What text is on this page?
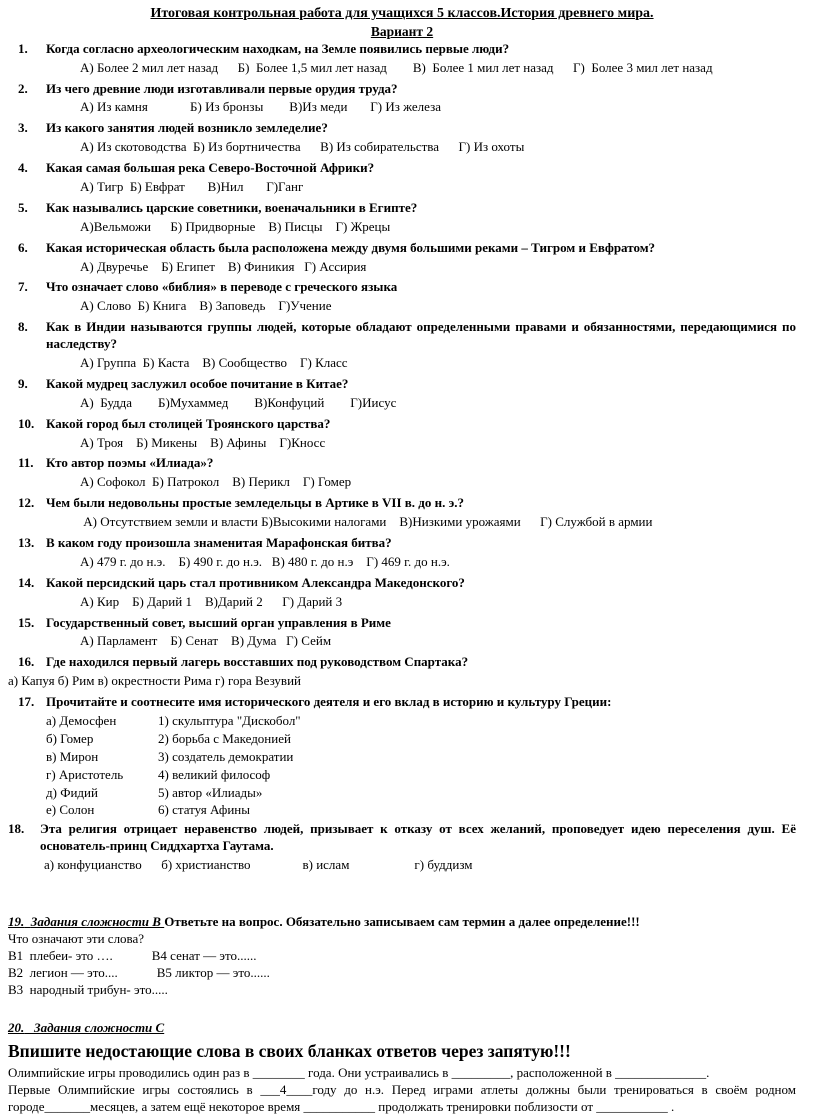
Итоговая контрольная работа для учащихся 5 классов.История древнего мира.
Вариант 2
1.	Когда согласно археологическим находкам, на Земле появились первые люди?
А) Более 2 мил лет назад      Б)  Более 1,5 мил лет назад        В)  Более 1 мил лет назад      Г)  Более 3 мил лет назад
2.	Из чего древние люди изготавливали первые орудия труда?
А) Из камня             Б) Из бронзы        В)Из меди       Г) Из железа
3.	Из какого занятия людей возникло земледелие?
А) Из скотоводства  Б) Из бортничества      В) Из собирательства      Г) Из охоты
4.	Какая самая большая река Северо-Восточной Африки?
А) Тигр  Б) Евфрат       В)Нил       Г)Ганг
5.	Как назывались царские советники, военачальники в Египте?
А)Вельможи      Б) Придворные    В) Писцы    Г) Жрецы
6.	Какая историческая область была расположена между двумя большими реками – Тигром и Евфратом?
А) Двуречье    Б) Египет    В) Финикия   Г) Ассирия
7.	Что означает слово «библия» в переводе с греческого языка
А) Слово  Б) Книга    В) Заповедь    Г)Учение
8.	Как в Индии называются группы людей, которые обладают определенными правами и обязанностями, передающимися по наследству?
А) Группа  Б) Каста    В) Сообщество    Г) Класс
9.	Какой мудрец заслужил особое почитание в Китае?
А)  Будда        Б)Мухаммед        В)Конфуций        Г)Иисус
10. Какой город был столицей Троянского царства?
А) Троя    Б) Микены    В) Афины    Г)Кносс
11. Кто автор поэмы «Илиада»?
А) Софокол  Б) Патрокол    В) Перикл    Г) Гомер
12. Чем были недовольны простые земледельцы в Артике в VII в. до н. э.?
А) Отсутствием земли и власти Б)Высокими налогами    В)Низкими урожаями      Г) Службой в армии
13. В каком году произошла знаменитая Марафонская битва?
А) 479 г. до н.э.    Б) 490 г. до н.э.   В) 480 г. до н.э    Г) 469 г. до н.э.
14. Какой персидский царь стал противником Александра Македонского?
А) Кир    Б) Дарий 1    В)Дарий 2      Г) Дарий 3
15. Государственный совет, высший орган управления в Риме
А) Парламент    Б) Сенат    В) Дума   Г) Сейм
16. Где находился первый лагерь восставших под руководством Спартака?
а) Капуя б) Рим в) окрестности Рима г) гора Везувий
17. Прочитайте и соотнесите имя исторического деятеля и его вклад в историю и культуру Греции:
а) Демосфен	1) скульптура "Дискобол"
б) Гомер	2) борьба с Македонией
в) Мирон	3) создатель демократии
г) Аристотель	4) великий философ
д) Фидий	5) автор «Илиады»
е) Солон	6) статуя Афины
18.	Эта религия отрицает неравенство людей, призывает к отказу от всех желаний, проповедует идею переселения душ. Её основатель-принц Сиддхартха Гаутама.
а) конфуцианство      б) христианство                в) ислам                    г) буддизм
19. Задания сложности В Ответьте на вопрос. Обязательно записываем сам термин а далее определение!!!
Что означают эти слова?
В1  плебеи- это ….            В4 сенат — это......
В2  легион — это....            В5 ликтор — это......
В3  народный трибун- это.....
20. Задания сложности С
Впишите недостающие слова в своих бланках ответов через запятую!!!
Олимпийские игры проводились один раз в ________ года. Они устраивались в _________, расположенной в ______________.
Первые Олимпийские игры состоялись в ___4____году до н.э. Перед играми атлеты должны были тренироваться в своём родном городе_______месяцев, а затем ещё некоторое время ___________ продолжать тренировки поблизости от ___________ .
